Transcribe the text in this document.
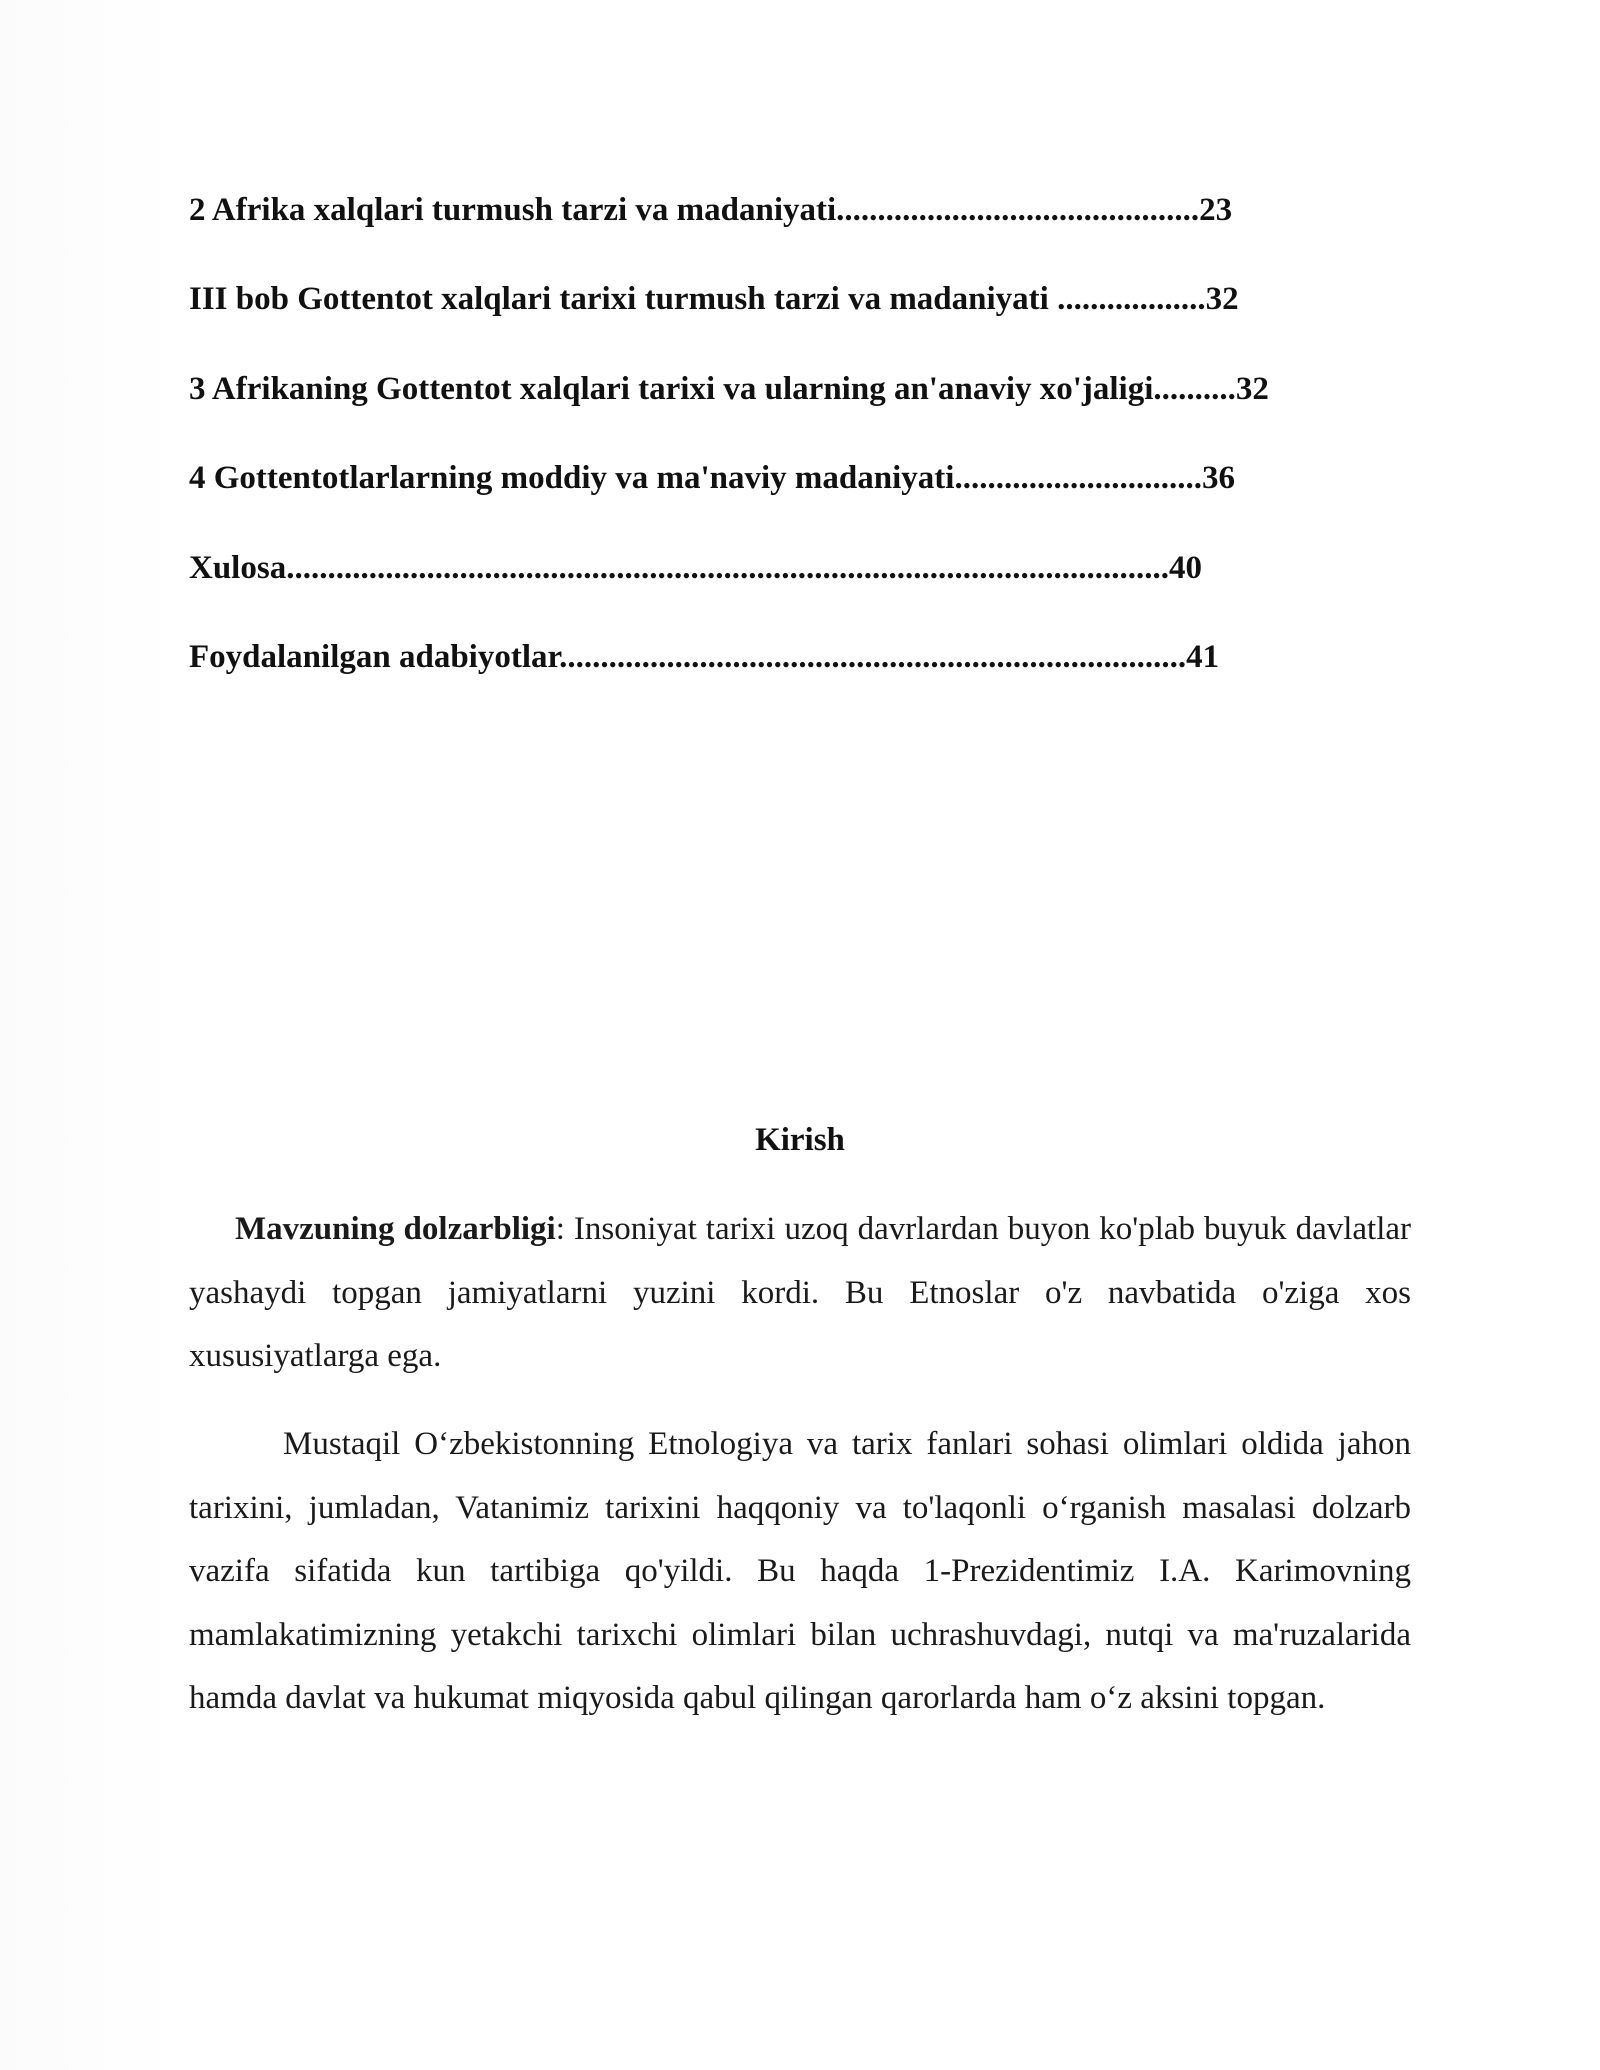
2 Afrika xalqlari turmush tarzi va madaniyati............................................23
III bob Gottentot xalqlari tarixi turmush tarzi va madaniyati ..................32
3 Afrikaning Gottentot xalqlari tarixi va ularning an'anaviy xo'jaligi..........32
4 Gottentotlarlarning moddiy va ma'naviy madaniyati..............................36
Xulosa...........................................................................................................40
Foydalanilgan adabiyotlar............................................................................41
Kirish
Mavzuning dolzarbligi: Insoniyat tarixi uzoq davrlardan buyon ko'plab buyuk davlatlar yashaydi topgan jamiyatlarni yuzini kordi. Bu Etnoslar o'z navbatida o'ziga xos xususiyatlarga ega.
Mustaqil O‘zbekistonning Etnologiya va tarix fanlari sohasi olimlari oldida jahon tarixini, jumladan, Vatanimiz tarixini haqqoniy va to'laqonli o‘rganish masalasi dolzarb vazifa sifatida kun tartibiga qo'yildi. Bu haqda 1-Prezidentimiz I.A. Karimovning mamlakatimizning yetakchi tarixchi olimlari bilan uchrashuvdagi, nutqi va ma'ruzalarida hamda davlat va hukumat miqyosida qabul qilingan qarorlarda ham o‘z aksini topgan.
